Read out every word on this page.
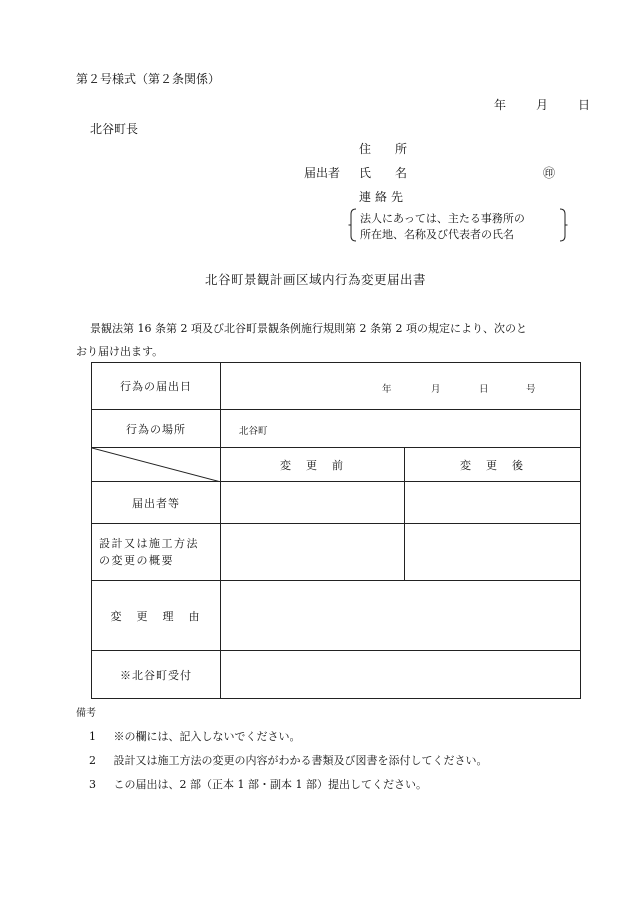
第２号様式（第２条関係）
年 月 日
北谷町長
住　　所
届出者 氏　　名	㊞
連絡先
法人にあっては、主たる事務所の
所在地、名称及び代表者の氏名
北谷町景観計画区域内行為変更届出書
景観法第 16 条第 2 項及び北谷町景観条例施行規則第 2 条第 2 項の規定により、次のと
おり届け出ます。
行為の届出日	年 月 日 号	

行為の場所	北谷町	

	変　更　前	変　更　後
届出者等		

設計又は施工方法
の変更の概要		

変　更　理　由		
※北谷町受付		
備考
1 ※の欄には、記入しないでください。
2 設計又は施工方法の変更の内容がわかる書類及び図書を添付してください。
3 この届出は、2 部（正本 1 部・副本 1 部）提出してください。
